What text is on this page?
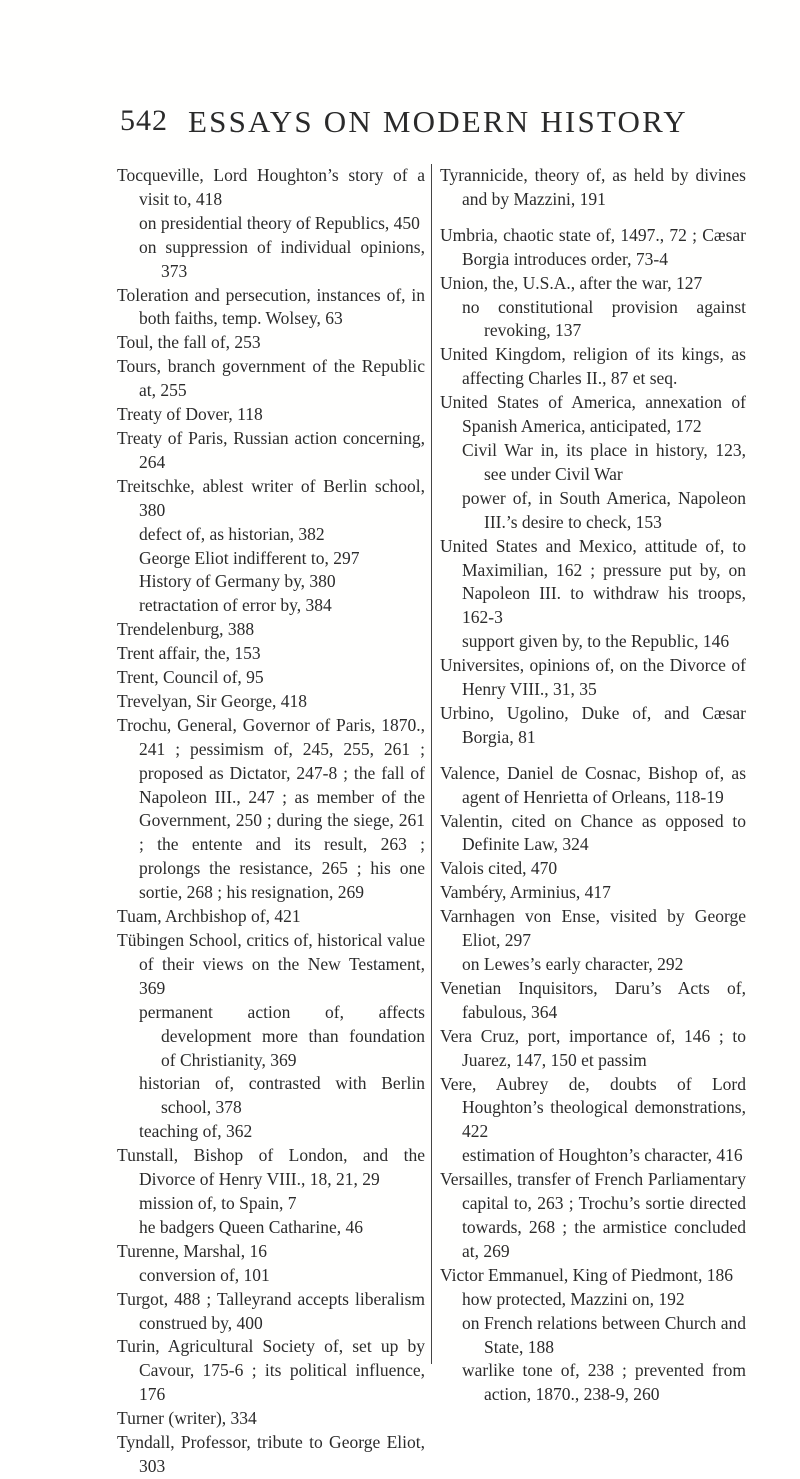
542 ESSAYS ON MODERN HISTORY

Tocqueville, Lord Houghton’s story of a visit to, 418

on presidential theory of Republics, 450

on suppression of individual opinions, 373

Toleration and persecution, instances of, in both faiths, temp. Wolsey, 63

Toul, the fall of, 253

Tours, branch government of the Republic at, 255

Treaty of Dover, 118

Treaty of Paris, Russian action concerning, 264

Treitschke, ablest writer of Berlin school, 380

defect of, as historian, 382

George Eliot indifferent to, 297

History of Germany by, 380

retractation of error by, 384

Trendelenburg, 388

Trent affair, the, 153

Trent, Council of, 95

Trevelyan, Sir George, 418

Trochu, General, Governor of Paris, 1870., 241 ; pessimism of, 245, 255, 261 ; proposed as Dictator, 247-8 ; the fall of Napoleon III., 247 ; as member of the Government, 250 ; during the siege, 261 ; the entente and its result, 263 ; prolongs the resistance, 265 ; his one sortie, 268 ; his resignation, 269

Tuam, Archbishop of, 421

Tübingen School, critics of, historical value of their views on the New Testament, 369

permanent action of, affects development more than foundation of Christianity, 369

historian of, contrasted with Berlin school, 378

teaching of, 362

Tunstall, Bishop of London, and the Divorce of Henry VIII., 18, 21, 29

mission of, to Spain, 7

he badgers Queen Catharine, 46

Turenne, Marshal, 16

conversion of, 101

Turgot, 488 ; Talleyrand accepts liberalism construed by, 400

Turin, Agricultural Society of, set up by Cavour, 175-6 ; its political influence, 176

Turner (writer), 334

Tyndall, Professor, tribute to George Eliot, 303

Tyrannicide, theory of, as held by divines and by Mazzini, 191

Umbria, chaotic state of, 1497., 72 ; Cæsar Borgia introduces order, 73-4

Union, the, U.S.A., after the war, 127

no constitutional provision against revoking, 137

United Kingdom, religion of its kings, as affecting Charles II., 87 et seq.

United States of America, annexation of Spanish America, anticipated, 172

Civil War in, its place in history, 123, see under Civil War

power of, in South America, Napoleon III.’s desire to check, 153

United States and Mexico, attitude of, to Maximilian, 162 ; pressure put by, on Napoleon III. to withdraw his troops, 162-3

support given by, to the Republic, 146

Universites, opinions of, on the Divorce of Henry VIII., 31, 35

Urbino, Ugolino, Duke of, and Cæsar Borgia, 81

Valence, Daniel de Cosnac, Bishop of, as agent of Henrietta of Orleans, 118-19

Valentin, cited on Chance as opposed to Definite Law, 324

Valois cited, 470

Vambéry, Arminius, 417

Varnhagen von Ense, visited by George Eliot, 297

on Lewes’s early character, 292

Venetian Inquisitors, Daru’s Acts of, fabulous, 364

Vera Cruz, port, importance of, 146 ; to Juarez, 147, 150 et passim

Vere, Aubrey de, doubts of Lord Houghton’s theological demonstrations, 422

estimation of Houghton’s character, 416

Versailles, transfer of French Parliamentary capital to, 263 ; Trochu’s sortie directed towards, 268 ; the armistice concluded at, 269

Victor Emmanuel, King of Piedmont, 186

how protected, Mazzini on, 192

on French relations between Church and State, 188

warlike tone of, 238 ; prevented from action, 1870., 238-9, 260
